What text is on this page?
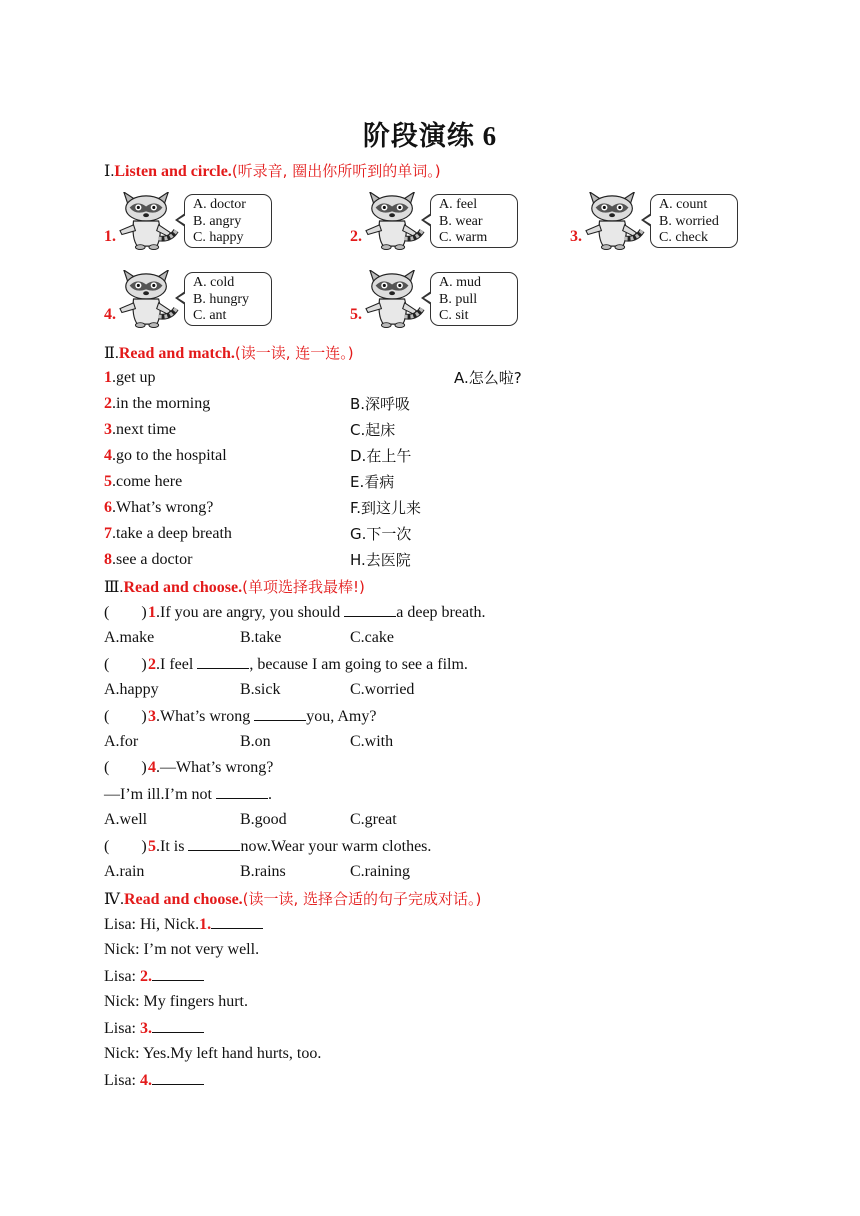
阶段演练 6
Ⅰ.Listen and circle.(听录音, 圈出你所听到的单词。)
1.
A. doctor
B. angry
C. happy	2.
A. feel
B. wear
C. warm	3.
A. count
B. worried
C. check
4.
A. cold
B. hungry
C. ant	5.
A. mud
B. pull
C. sit
Ⅱ.Read and match.(读一读, 连一连。)
1.get up	A.怎么啦?
2.in the morning	B.深呼吸
3.next time	C.起床
4.go to the hospital	D.在上午
5.come here	E.看病
6.What’s wrong?	F.到这儿来
7.take a deep breath	G.下一次
8.see a doctor	H.去医院
Ⅲ.Read and choose.(单项选择我最棒!)
( )1.If you are angry, you should	a deep breath.
A.make	B.take	C.cake
( )2.I feel	, because I am going to see a film.
A.happy	B.sick	C.worried
( )3.What’s wrong	you, Amy?
A.for	B.on	C.with
( )4.—What’s wrong?
—I’m ill.I’m not	.
A.well	B.good	C.great
( )5.It is	now.Wear your warm clothes.
A.rain	B.rains	C.raining
Ⅳ.Read and choose.(读一读, 选择合适的句子完成对话。)
Lisa: Hi, Nick.1.
Nick: I’m not very well.
Lisa: 2.
Nick: My fingers hurt.
Lisa: 3.
Nick: Yes.My left hand hurts, too.
Lisa: 4.
